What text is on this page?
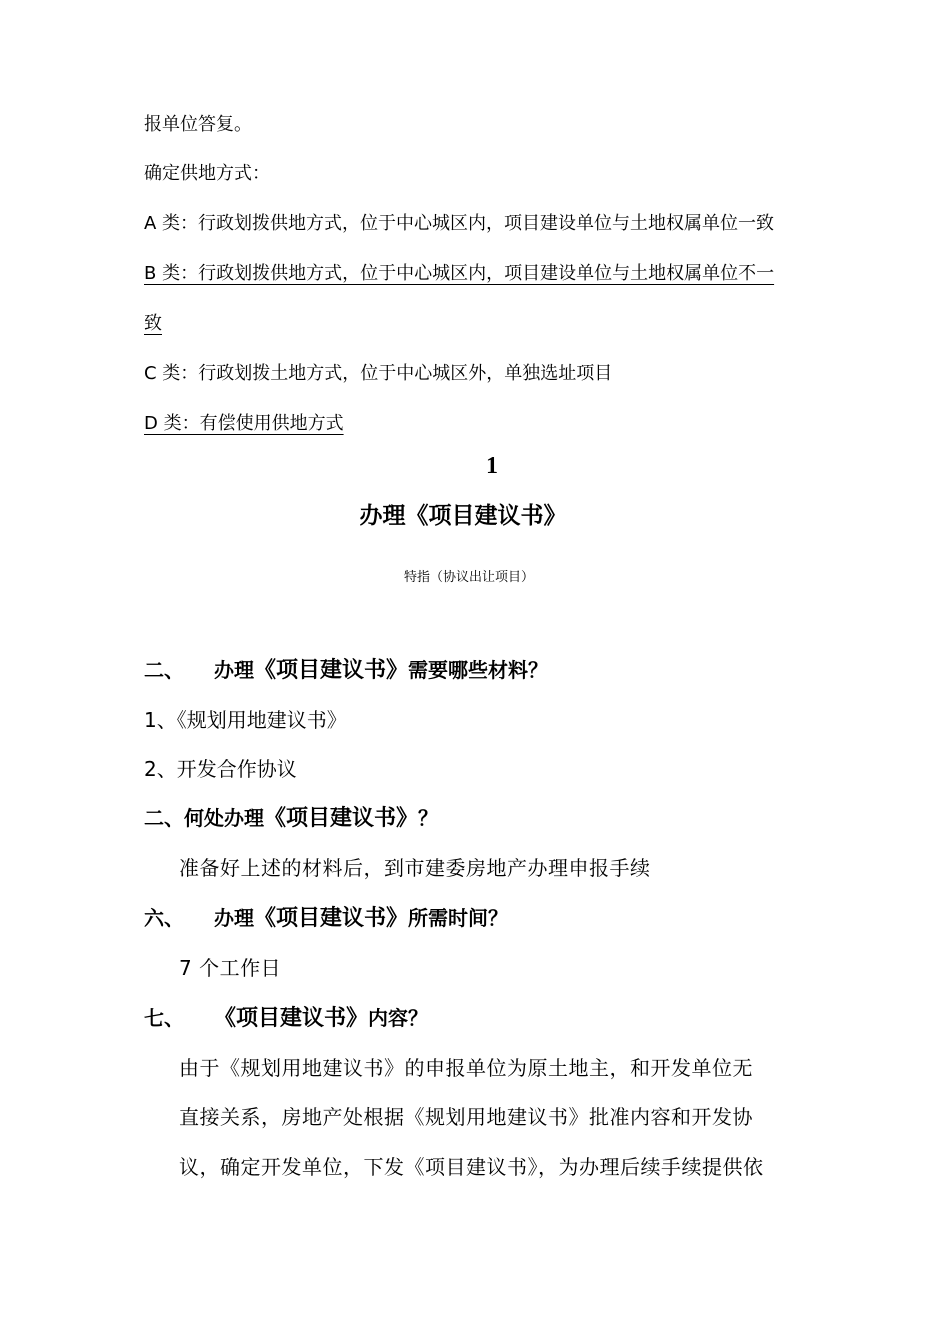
报单位答复。
确定供地方式：
A 类：行政划拨供地方式，位于中心城区内，项目建设单位与土地权属单位一致
B 类：行政划拨供地方式，位于中心城区内，项目建设单位与土地权属单位不一
致
C 类：行政划拨土地方式，位于中心城区外，单独选址项目
D 类：有偿使用供地方式
1
办理《项目建议书》
特指（协议出让项目）
二、 办理《项目建议书》需要哪些材料？
1、《规划用地建议书》
2、开发合作协议
二、何处办理《项目建议书》？
准备好上述的材料后，到市建委房地产办理申报手续
六、 办理《项目建议书》所需时间？
7 个工作日
七、 《项目建议书》内容？
由于《规划用地建议书》的申报单位为原土地主，和开发单位无
直接关系，房地产处根据《规划用地建议书》批准内容和开发协
议，确定开发单位，下发《项目建议书》，为办理后续手续提供依
